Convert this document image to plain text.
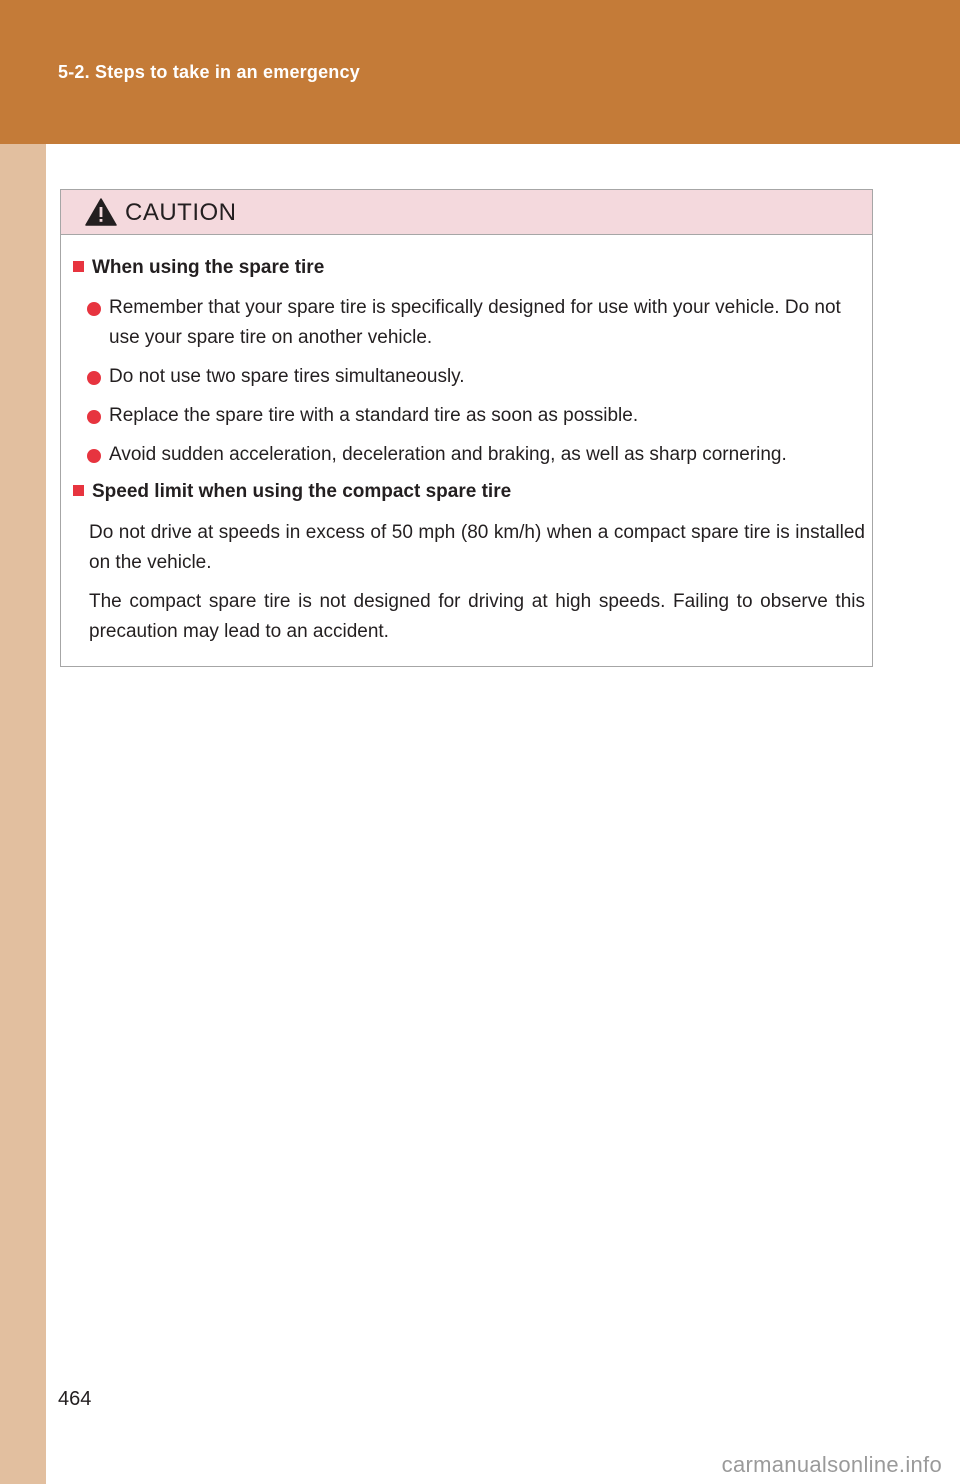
5-2. Steps to take in an emergency
CAUTION
When using the spare tire
Remember that your spare tire is specifically designed for use with your vehicle. Do not use your spare tire on another vehicle.
Do not use two spare tires simultaneously.
Replace the spare tire with a standard tire as soon as possible.
Avoid sudden acceleration, deceleration and braking, as well as sharp cornering.
Speed limit when using the compact spare tire
Do not drive at speeds in excess of 50 mph (80 km/h) when a compact spare tire is installed on the vehicle.
The compact spare tire is not designed for driving at high speeds. Failing to observe this precaution may lead to an accident.
464
carmanualsonline.info
